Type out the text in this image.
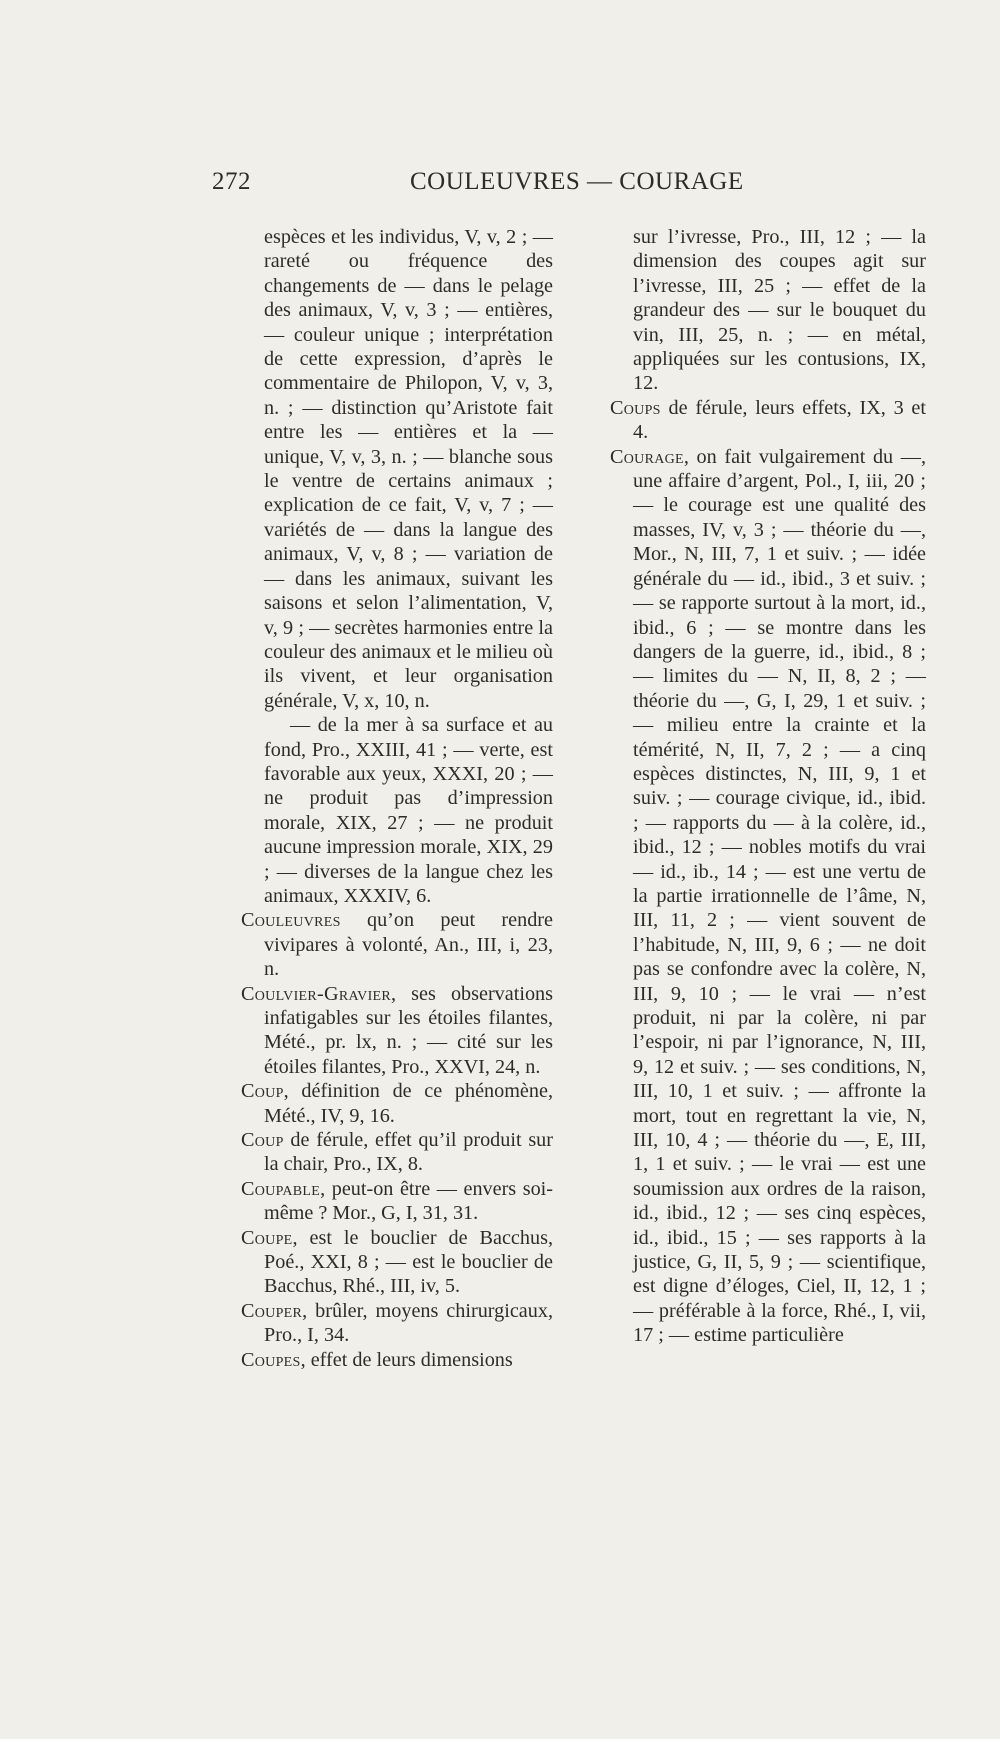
272	COULEUVRES — COURAGE

espèces et les individus, V, v, 2 ; — rareté ou fréquence des changements de — dans le pelage des animaux, V, v, 3 ; — entières, — couleur unique ; interprétation de cette expression, d’après le commentaire de Philopon, V, v, 3, n. ; — distinction qu’Aristote fait entre les — entières et la — unique, V, v, 3, n. ; — blanche sous le ventre de certains animaux ; explication de ce fait, V, v, 7 ; — variétés de — dans la langue des animaux, V, v, 8 ; — variation de — dans les animaux, suivant les saisons et selon l’alimentation, V, v, 9 ; — secrètes harmonies entre la couleur des animaux et le milieu où ils vivent, et leur organisation générale, V, x, 10, n.

— de la mer à sa surface et au fond, Pro., XXIII, 41 ; — verte, est favorable aux yeux, XXXI, 20 ; — ne produit pas d’impression morale, XIX, 27 ; — ne produit aucune impression morale, XIX, 29 ; — diverses de la langue chez les animaux, XXXIV, 6.

Couleuvres qu’on peut rendre vivipares à volonté, An., III, i, 23, n.

Coulvier-Gravier, ses observations infatigables sur les étoiles filantes, Mété., pr. lx, n. ; — cité sur les étoiles filantes, Pro., XXVI, 24, n.

Coup, définition de ce phénomène, Mété., IV, 9, 16.

Coup de férule, effet qu’il produit sur la chair, Pro., IX, 8.

Coupable, peut-on être — envers soi-même ? Mor., G, I, 31, 31.

Coupe, est le bouclier de Bacchus, Poé., XXI, 8 ; — est le bouclier de Bacchus, Rhé., III, iv, 5.

Couper, brûler, moyens chirurgicaux, Pro., I, 34.

Coupes, effet de leurs dimensions

sur l’ivresse, Pro., III, 12 ; — la dimension des coupes agit sur l’ivresse, III, 25 ; — effet de la grandeur des — sur le bouquet du vin, III, 25, n. ; — en métal, appliquées sur les contusions, IX, 12.

Coups de férule, leurs effets, IX, 3 et 4.

Courage, on fait vulgairement du —, une affaire d’argent, Pol., I, iii, 20 ; — le courage est une qualité des masses, IV, v, 3 ; — théorie du —, Mor., N, III, 7, 1 et suiv. ; — idée générale du — id., ibid., 3 et suiv. ; — se rapporte surtout à la mort, id., ibid., 6 ; — se montre dans les dangers de la guerre, id., ibid., 8 ; — limites du — N, II, 8, 2 ; — théorie du —, G, I, 29, 1 et suiv. ; — milieu entre la crainte et la témérité, N, II, 7, 2 ; — a cinq espèces distinctes, N, III, 9, 1 et suiv. ; — courage civique, id., ibid. ; — rapports du — à la colère, id., ibid., 12 ; — nobles motifs du vrai — id., ib., 14 ; — est une vertu de la partie irrationnelle de l’âme, N, III, 11, 2 ; — vient souvent de l’habitude, N, III, 9, 6 ; — ne doit pas se confondre avec la colère, N, III, 9, 10 ; — le vrai — n’est produit, ni par la colère, ni par l’espoir, ni par l’ignorance, N, III, 9, 12 et suiv. ; — ses conditions, N, III, 10, 1 et suiv. ; — affronte la mort, tout en regrettant la vie, N, III, 10, 4 ; — théorie du —, E, III, 1, 1 et suiv. ; — le vrai — est une soumission aux ordres de la raison, id., ibid., 12 ; — ses cinq espèces, id., ibid., 15 ; — ses rapports à la justice, G, II, 5, 9 ; — scientifique, est digne d’éloges, Ciel, II, 12, 1 ; — préférable à la force, Rhé., I, vii, 17 ; — estime particulière
